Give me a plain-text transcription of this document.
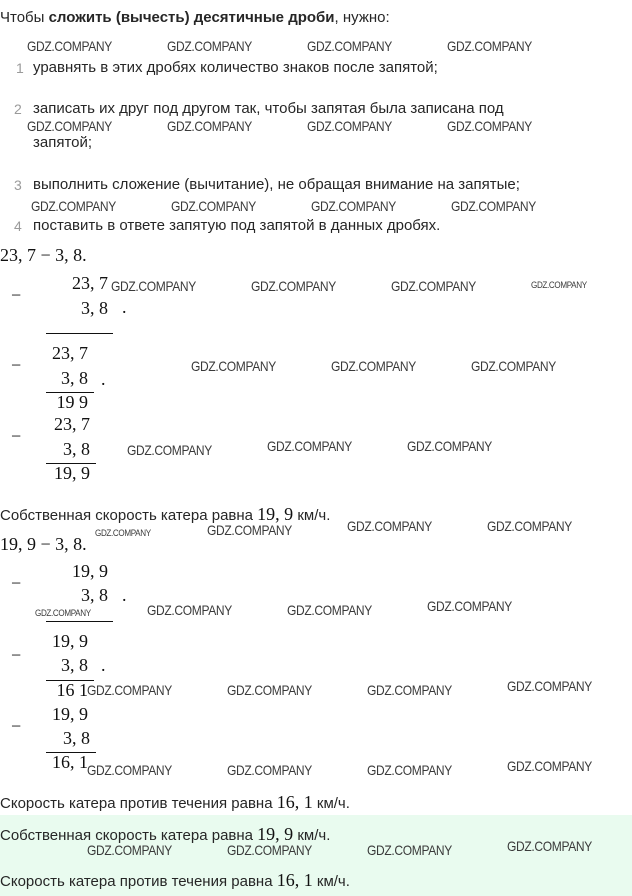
Чтобы сложить (вычесть) десятичные дроби, нужно:
1 уравнять в этих дробях количество знаков после запятой;
2 записать их друг под другом так, чтобы запятая была записана под
запятой;
3 выполнить сложение (вычитание), не обращая внимание на запятые;
4 поставить в ответе запятую под запятой в данных дробях.
23, 7 − 3, 8.
−
23, 7
3, 8 .
−
23, 7
3, 8 .
19 9
−
23, 7
3, 8
19, 9
Собственная скорость катера равна 19, 9 км/ч.
19, 9 − 3, 8.
−
19, 9
3, 8 .
−
19, 9
3, 8 .
16 1
−
19, 9
3, 8
16, 1
Скорость катера против течения равна 16, 1 км/ч.
Собственная скорость катера равна 19, 9 км/ч.
Скорость катера против течения равна 16, 1 км/ч.
GDZ.COMPANY	GDZ.COMPANY	GDZ.COMPANY	GDZ.COMPANY
GDZ.COMPANY	GDZ.COMPANY	GDZ.COMPANY	GDZ.COMPANY
GDZ.COMPANY	GDZ.COMPANY	GDZ.COMPANY	GDZ.COMPANY
GDZ.COMPANY	GDZ.COMPANY	GDZ.COMPANY	GDZ.COMPANY
GDZ.COMPANY	GDZ.COMPANY	GDZ.COMPANY
GDZ.COMPANY	GDZ.COMPANY	GDZ.COMPANY
GDZ.COMPANY	GDZ.COMPANY	GDZ.COMPANY	GDZ.COMPANY
GDZ.COMPANY	GDZ.COMPANY	GDZ.COMPANY	GDZ.COMPANY
GDZ.COMPANY	GDZ.COMPANY	GDZ.COMPANY	GDZ.COMPANY
GDZ.COMPANY	GDZ.COMPANY	GDZ.COMPANY	GDZ.COMPANY
GDZ.COMPANY	GDZ.COMPANY	GDZ.COMPANY	GDZ.COMPANY
